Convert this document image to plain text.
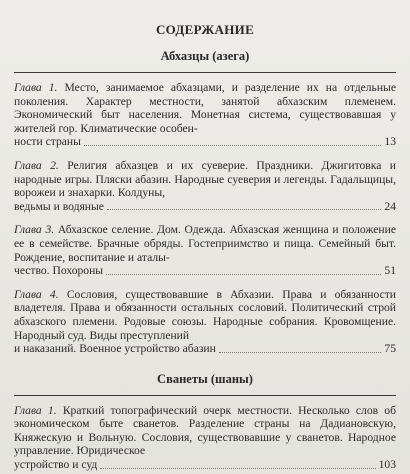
СОДЕРЖАНИЕ
Абхазцы (азега)
Глава 1. Место, занимаемое абхазцами, и разделение их на отдельные поколения. Характер местности, занятой абхазским племенем. Экономический быт населения. Монетная система, существовавшая у жителей гор. Климатические особен-
ности страны	13
Глава 2. Религия абхазцев и их суеверие. Праздники. Джигитовка и народные игры. Пляски абазин. Народные суеверия и легенды. Гадальщицы, ворожеи и знахарки. Колдуны,
ведьмы и водяные	24
Глава 3. Абхазское селение. Дом. Одежда. Абхазская женщина и положение ее в семействе. Брачные обряды. Гостеприимство и пища. Семейный быт. Рождение, воспитание и аталы-
чество. Похороны	51
Глава 4. Сословия, существовавшие в Абхазии. Права и обязанности владетеля. Права и обязанности остальных сословий. Политический строй абхазского племени. Родовые союзы. Народные собрания. Кровомщение. Народный суд. Виды преступлений
и наказаний. Военное устройство абазин	75
Сванеты (шаны)
Глава 1. Краткий топографический очерк местности. Несколько слов об экономическом быте сванетов. Разделение страны на Дадиановскую, Княжескую и Вольную. Сословия, существовавшие у сванетов. Народное управление. Юридическое
устройство и суд	103
